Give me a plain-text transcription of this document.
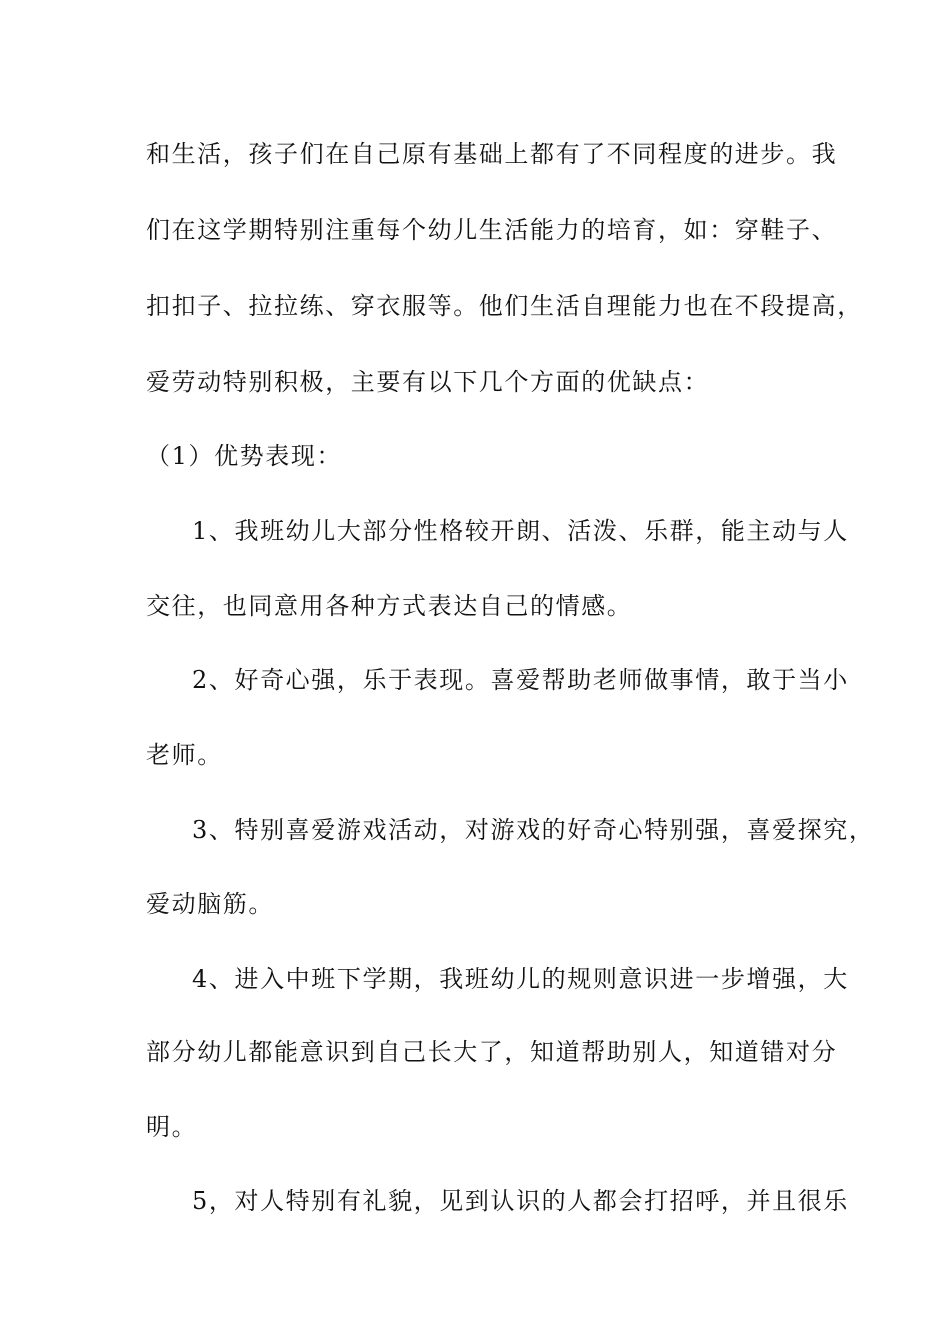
和生活，孩子们在自己原有基础上都有了不同程度的进步。我
们在这学期特别注重每个幼儿生活能力的培育，如：穿鞋子、
扣扣子、拉拉练、穿衣服等。他们生活自理能力也在不段提高，
爱劳动特别积极，主要有以下几个方面的优缺点：
（1）优势表现：
1、我班幼儿大部分性格较开朗、活泼、乐群，能主动与人
交往，也同意用各种方式表达自己的情感。
2、好奇心强，乐于表现。喜爱帮助老师做事情，敢于当小
老师。
3、特别喜爱游戏活动，对游戏的好奇心特别强，喜爱探究，
爱动脑筋。
4、进入中班下学期，我班幼儿的规则意识进一步增强，大
部分幼儿都能意识到自己长大了，知道帮助别人，知道错对分
明。
5，对人特别有礼貌，见到认识的人都会打招呼，并且很乐
